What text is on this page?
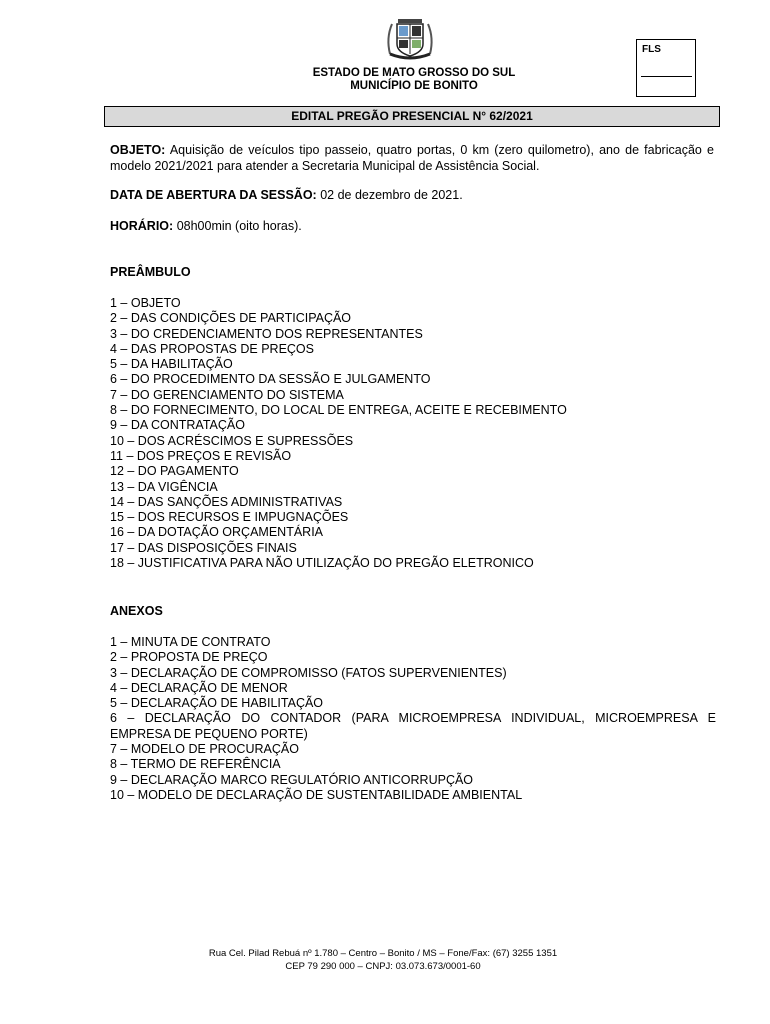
ESTADO DE MATO GROSSO DO SUL
MUNICÍPIO DE BONITO
FLS
EDITAL PREGÃO PRESENCIAL N° 62/2021
OBJETO: Aquisição de veículos tipo passeio, quatro portas, 0 km (zero quilometro), ano de fabricação e modelo 2021/2021 para atender a Secretaria Municipal de Assistência Social.
DATA DE ABERTURA DA SESSÃO: 02 de dezembro de 2021.
HORÁRIO: 08h00min (oito horas).
PREÂMBULO
1 – OBJETO
2 – DAS CONDIÇÕES DE PARTICIPAÇÃO
3 – DO CREDENCIAMENTO DOS REPRESENTANTES
4 – DAS PROPOSTAS DE PREÇOS
5 – DA HABILITAÇÃO
6 – DO PROCEDIMENTO DA SESSÃO E JULGAMENTO
7 – DO GERENCIAMENTO DO SISTEMA
8 – DO FORNECIMENTO, DO LOCAL DE ENTREGA, ACEITE E RECEBIMENTO
9 – DA CONTRATAÇÃO
10 – DOS ACRÉSCIMOS E SUPRESSÕES
11 – DOS PREÇOS E REVISÃO
12 – DO PAGAMENTO
13 – DA VIGÊNCIA
14 – DAS SANÇÕES ADMINISTRATIVAS
15 – DOS RECURSOS E IMPUGNAÇÕES
16 – DA DOTAÇÃO ORÇAMENTÁRIA
17 – DAS DISPOSIÇÕES FINAIS
18 – JUSTIFICATIVA PARA NÃO UTILIZAÇÃO DO PREGÃO ELETRONICO
ANEXOS
1 – MINUTA DE CONTRATO
2 – PROPOSTA DE PREÇO
3 – DECLARAÇÃO DE COMPROMISSO (FATOS SUPERVENIENTES)
4 – DECLARAÇÃO DE MENOR
5 – DECLARAÇÃO DE HABILITAÇÃO
6 – DECLARAÇÃO DO CONTADOR (PARA MICROEMPRESA INDIVIDUAL, MICROEMPRESA E EMPRESA DE PEQUENO PORTE)
7 – MODELO DE PROCURAÇÃO
8 – TERMO DE REFERÊNCIA
9 – DECLARAÇÃO MARCO REGULATÓRIO ANTICORRUPÇÃO
10 – MODELO DE DECLARAÇÃO DE SUSTENTABILIDADE AMBIENTAL
Rua Cel. Pilad Rebuá nº 1.780 – Centro – Bonito / MS – Fone/Fax: (67) 3255 1351
CEP 79 290 000 – CNPJ: 03.073.673/0001-60
